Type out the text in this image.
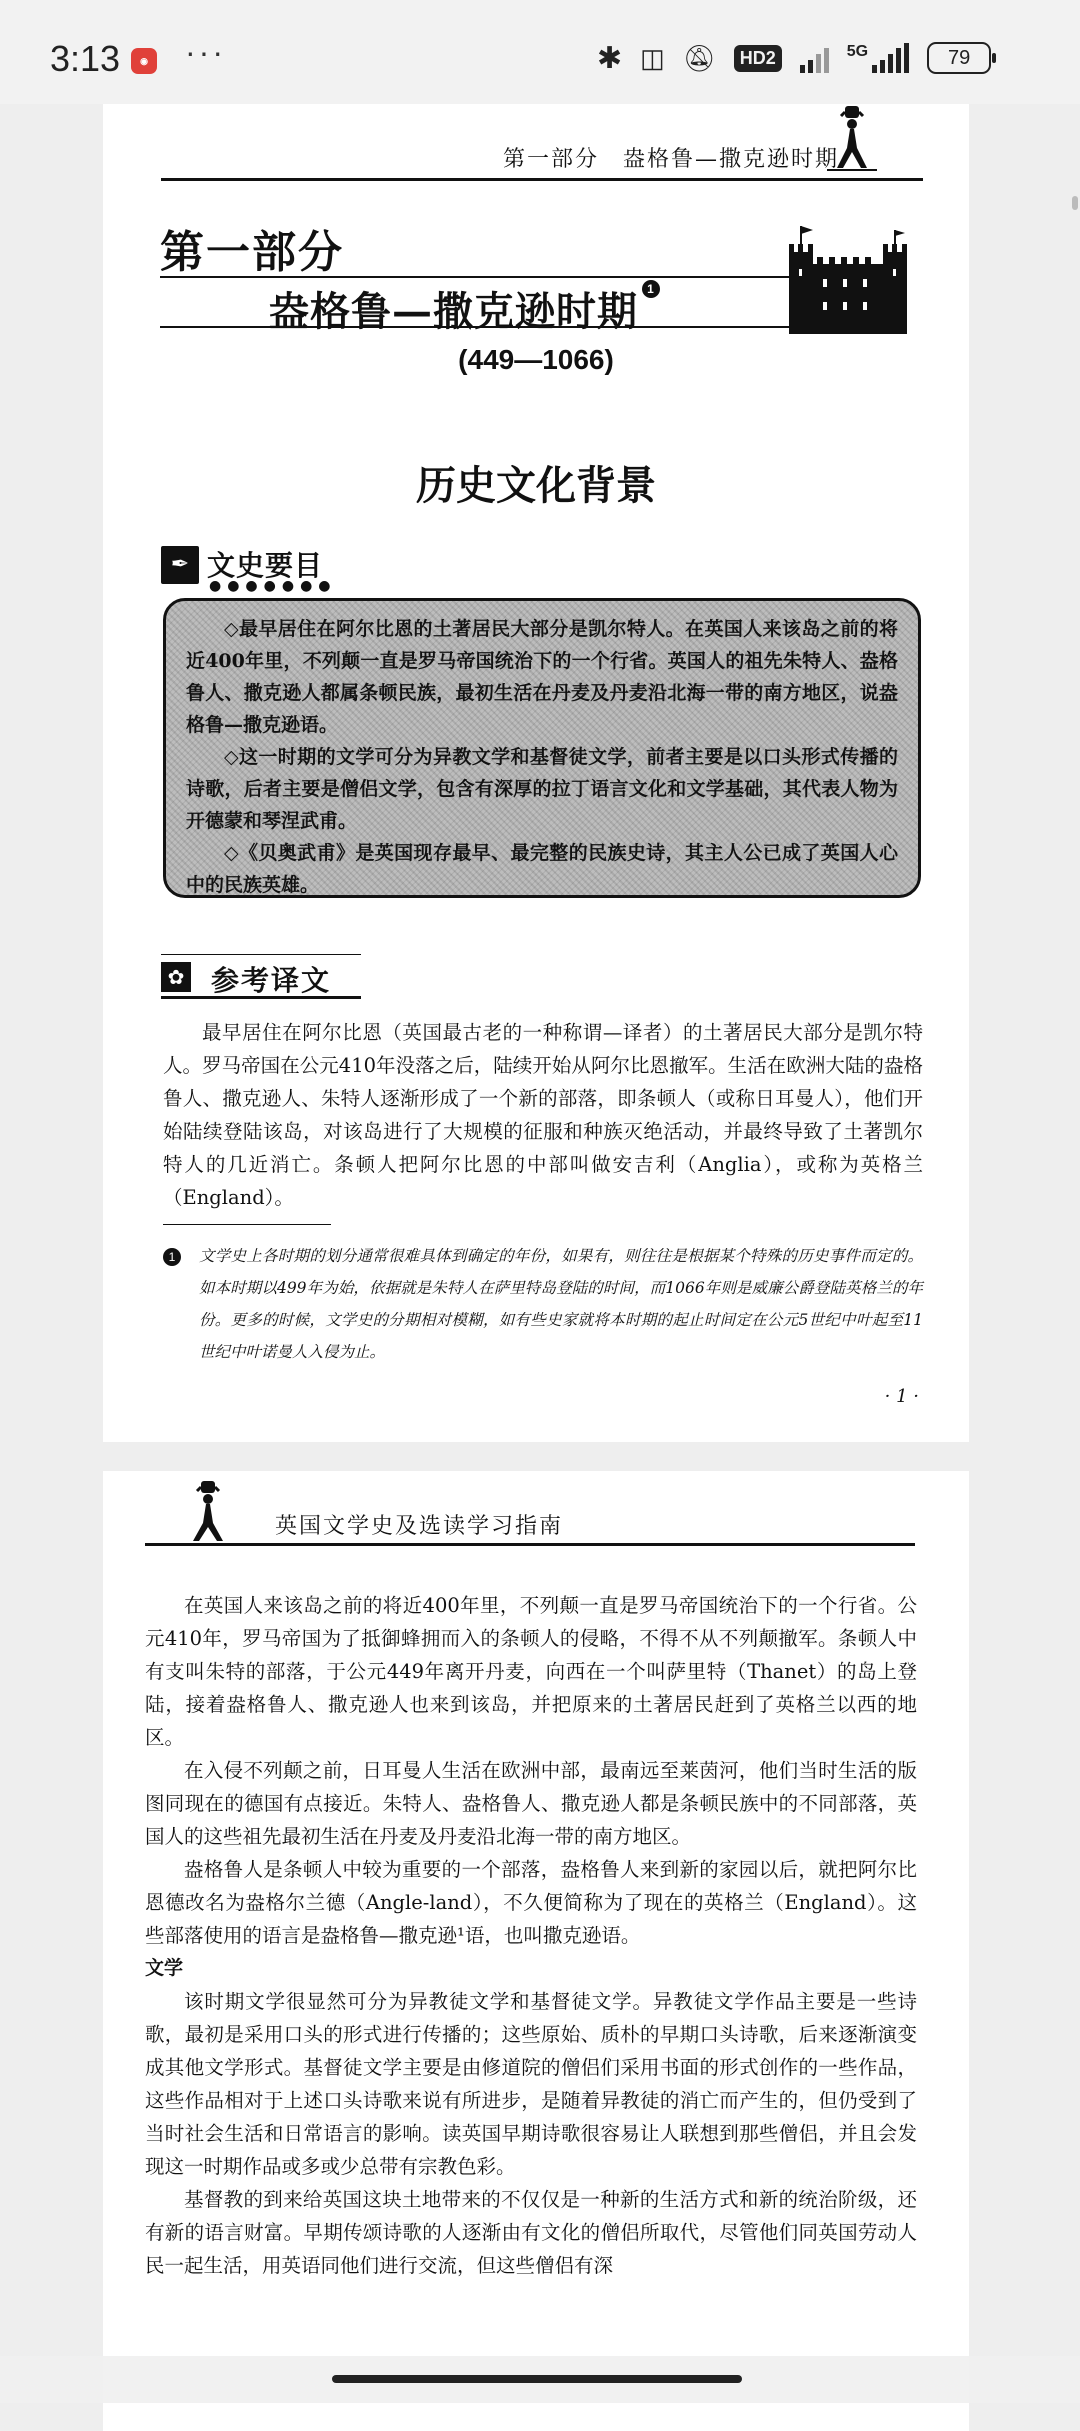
3:13	◉ ···	✱ ◫ 🔕︎	HD2	5G	79
第一部分　盎格鲁—撒克逊时期
第一部分
盎格鲁—撒克逊时期 1
(449—1066)
历史文化背景
✒ 文史要目
●●●●●●●

◇最早居住在阿尔比恩的土著居民大部分是凯尔特人。在英国人来该岛之前的将近400年里，不列颠一直是罗马帝国统治下的一个行省。英国人的祖先朱特人、盎格鲁人、撒克逊人都属条顿民族，最初生活在丹麦及丹麦沿北海一带的南方地区，说盎格鲁—撒克逊语。

◇这一时期的文学可分为异教文学和基督徒文学，前者主要是以口头形式传播的诗歌，后者主要是僧侣文学，包含有深厚的拉丁语言文化和文学基础，其代表人物为开德蒙和琴涅武甫。

◇《贝奥武甫》是英国现存最早、最完整的民族史诗，其主人公已成了英国人心中的民族英雄。

✿ 参考译文

最早居住在阿尔比恩（英国最古老的一种称谓—译者）的土著居民大部分是凯尔特人。罗马帝国在公元410年没落之后，陆续开始从阿尔比恩撤军。生活在欧洲大陆的盎格鲁人、撒克逊人、朱特人逐渐形成了一个新的部落，即条顿人（或称日耳曼人），他们开始陆续登陆该岛，对该岛进行了大规模的征服和种族灭绝活动，并最终导致了土著凯尔特人的几近消亡。条顿人把阿尔比恩的中部叫做安吉利（Anglia），或称为英格兰（England）。

1	文学史上各时期的划分通常很难具体到确定的年份，如果有，则往往是根据某个特殊的历史事件而定的。如本时期以499年为始，依据就是朱特人在萨里特岛登陆的时间，而1066年则是威廉公爵登陆英格兰的年份。更多的时候，文学史的分期相对模糊，如有些史家就将本时期的起止时间定在公元5世纪中叶起至11世纪中叶诺曼人入侵为止。
· 1 ·
英国文学史及选读学习指南

在英国人来该岛之前的将近400年里，不列颠一直是罗马帝国统治下的一个行省。公元410年，罗马帝国为了抵御蜂拥而入的条顿人的侵略，不得不从不列颠撤军。条顿人中有支叫朱特的部落，于公元449年离开丹麦，向西在一个叫萨里特（Thanet）的岛上登陆，接着盎格鲁人、撒克逊人也来到该岛，并把原来的土著居民赶到了英格兰以西的地区。

在入侵不列颠之前，日耳曼人生活在欧洲中部，最南远至莱茵河，他们当时生活的版图同现在的德国有点接近。朱特人、盎格鲁人、撒克逊人都是条顿民族中的不同部落，英国人的这些祖先最初生活在丹麦及丹麦沿北海一带的南方地区。

盎格鲁人是条顿人中较为重要的一个部落，盎格鲁人来到新的家园以后，就把阿尔比恩德改名为盎格尔兰德（Angle-land），不久便简称为了现在的英格兰（England）。这些部落使用的语言是盎格鲁—撒克逊¹语，也叫撒克逊语。

文学

该时期文学很显然可分为异教徒文学和基督徒文学。异教徒文学作品主要是一些诗歌，最初是采用口头的形式进行传播的；这些原始、质朴的早期口头诗歌，后来逐渐演变成其他文学形式。基督徒文学主要是由修道院的僧侣们采用书面的形式创作的一些作品，这些作品相对于上述口头诗歌来说有所进步，是随着异教徒的消亡而产生的，但仍受到了当时社会生活和日常语言的影响。读英国早期诗歌很容易让人联想到那些僧侣，并且会发现这一时期作品或多或少总带有宗教色彩。

基督教的到来给英国这块土地带来的不仅仅是一种新的生活方式和新的统治阶级，还有新的语言财富。早期传颂诗歌的人逐渐由有文化的僧侣所取代，尽管他们同英国劳动人民一起生活，用英语同他们进行交流，但这些僧侣有深
